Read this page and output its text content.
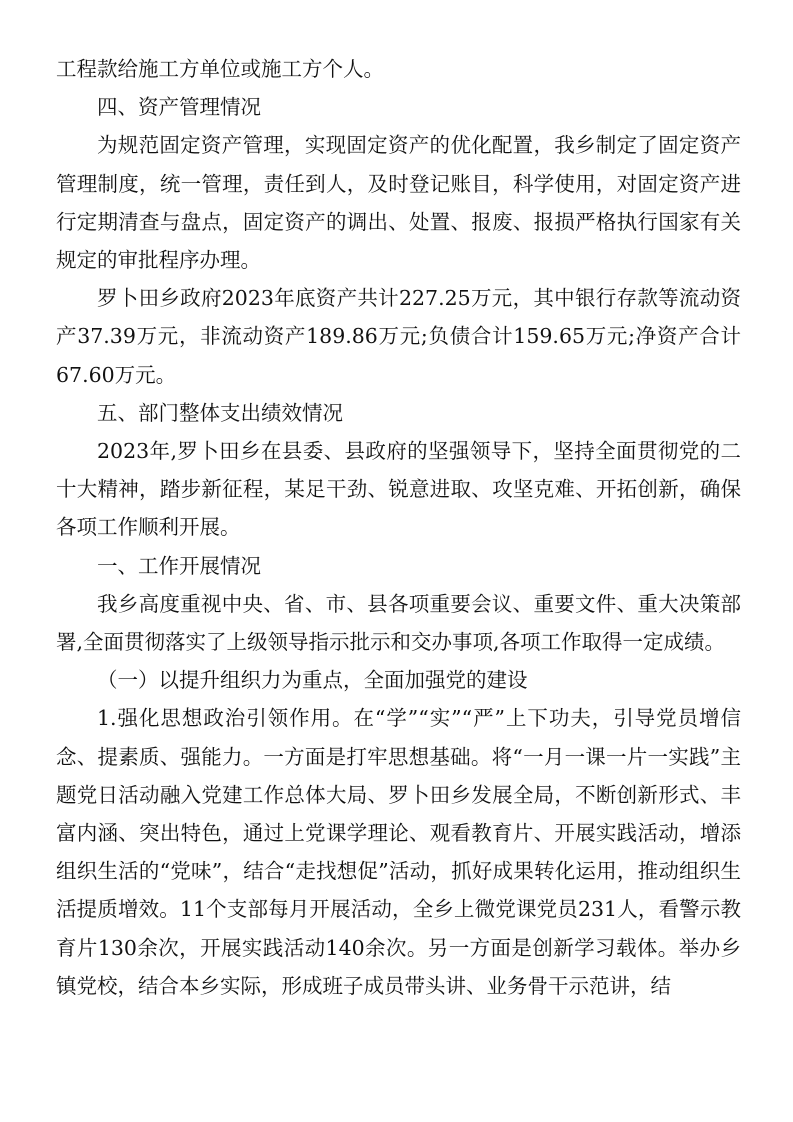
工程款给施工方单位或施工方个人。

四、资产管理情况

为规范固定资产管理，实现固定资产的优化配置，我乡制定了固定资产管理制度，统一管理，责任到人，及时登记账目，科学使用，对固定资产进行定期清查与盘点，固定资产的调出、处置、报废、报损严格执行国家有关规定的审批程序办理。

罗卜田乡政府2023年底资产共计227.25万元，其中银行存款等流动资产37.39万元，非流动资产189.86万元;负债合计159.65万元;净资产合计67.60万元。

五、部门整体支出绩效情况

2023年,罗卜田乡在县委、县政府的坚强领导下，坚持全面贯彻党的二十大精神，踏步新征程，某足干劲、锐意进取、攻坚克难、开拓创新，确保各项工作顺利开展。

一、工作开展情况

我乡高度重视中央、省、市、县各项重要会议、重要文件、重大决策部署,全面贯彻落实了上级领导指示批示和交办事项,各项工作取得一定成绩。

（一）以提升组织力为重点，全面加强党的建设

1.强化思想政治引领作用。在“学”“实”“严”上下功夫，引导党员增信念、提素质、强能力。一方面是打牢思想基础。将“一月一课一片一实践”主题党日活动融入党建工作总体大局、罗卜田乡发展全局，不断创新形式、丰富内涵、突出特色，通过上党课学理论、观看教育片、开展实践活动，增添组织生活的“党味”，结合“走找想促”活动，抓好成果转化运用，推动组织生活提质增效。11个支部每月开展活动，全乡上微党课党员231人，看警示教育片130余次，开展实践活动140余次。另一方面是创新学习载体。举办乡镇党校，结合本乡实际，形成班子成员带头讲、业务骨干示范讲，结
